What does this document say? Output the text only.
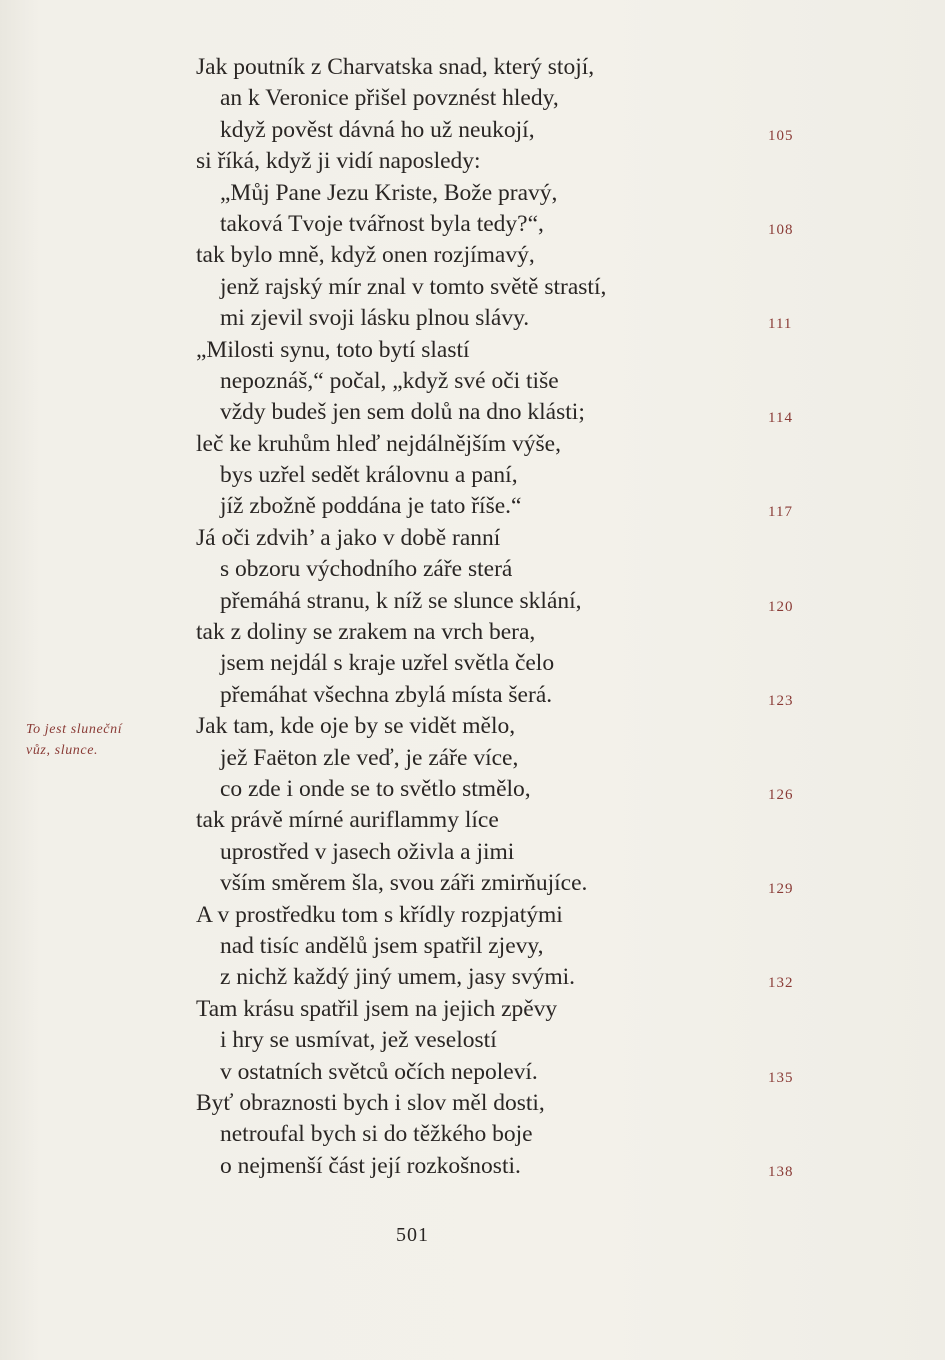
Jak poutník z Charvatska snad, který stojí,
an k Veronice přišel povznést hledy,
když pověst dávná ho už neukojí,	105
si říká, když ji vidí naposledy:
„Můj Pane Jezu Kriste, Bože pravý,
taková Tvoje tvářnost byla tedy?“,	108
tak bylo mně, když onen rozjímavý,
jenž rajský mír znal v tomto světě strastí,
mi zjevil svoji lásku plnou slávy.	111
„Milosti synu, toto bytí slastí
nepoznáš,“ počal, „když své oči tiše
vždy budeš jen sem dolů na dno klásti;	114
leč ke kruhům hleď nejdálnějším výše,
bys uzřel sedět královnu a paní,
jíž zbožně poddána je tato říše.“	117
Já oči zdvih’ a jako v době ranní
s obzoru východního záře sterá
přemáhá stranu, k níž se slunce sklání,	120
tak z doliny se zrakem na vrch bera,
jsem nejdál s kraje uzřel světla čelo
přemáhat všechna zbylá místa šerá.	123
Jak tam, kde oje by se vidět mělo,
jež Faëton zle veď, je záře více,
co zde i onde se to světlo stmělo,	126
tak právě mírné auriflammy líce
uprostřed v jasech oživla a jimi
vším směrem šla, svou záři zmirňujíce.	129
A v prostředku tom s křídly rozpjatými
nad tisíc andělů jsem spatřil zjevy,
z nichž každý jiný umem, jasy svými.	132
Tam krásu spatřil jsem na jejich zpěvy
i hry se usmívat, jež veselostí
v ostatních světců očích nepoleví.	135
Byť obraznosti bych i slov měl dosti,
netroufal bych si do těžkého boje
o nejmenší část její rozkošnosti.	138
To jest sluneční
vůz, slunce.
501
